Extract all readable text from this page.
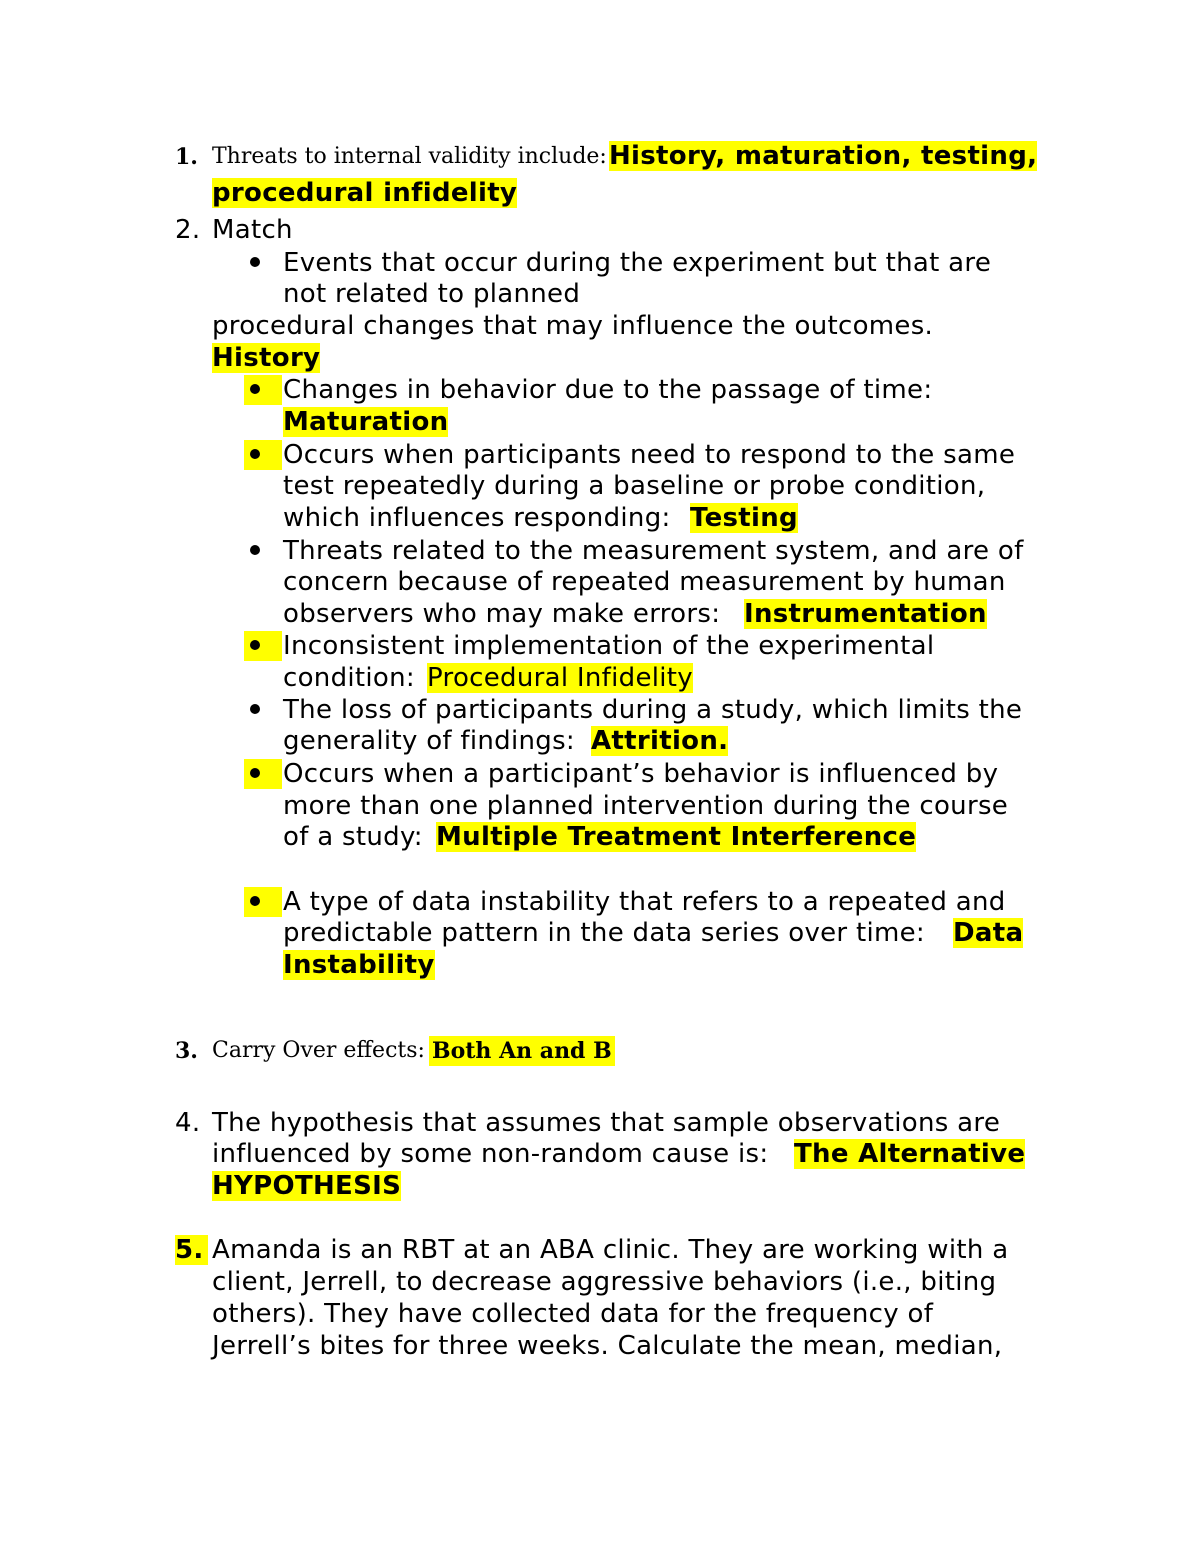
1. Threats to internal validity include: History, maturation, testing,
procedural infidelity
2. Match
Events that occur during the experiment but that are
not related to planned
procedural changes that may influence the outcomes.
History
Changes in behavior due to the passage of time:
Maturation
Occurs when participants need to respond to the same
test repeatedly during a baseline or probe condition,
which influences responding: Testing
Threats related to the measurement system, and are of
concern because of repeated measurement by human
observers who may make errors: Instrumentation
Inconsistent implementation of the experimental
condition: Procedural Infidelity
The loss of participants during a study, which limits the
generality of findings: Attrition.
Occurs when a participant’s behavior is influenced by
more than one planned intervention during the course
of a study: Multiple Treatment Interference
A type of data instability that refers to a repeated and
predictable pattern in the data series over time: Data
Instability
3. Carry Over effects: Both An and B
4. The hypothesis that assumes that sample observations are
influenced by some non-random cause is: The Alternative
HYPOTHESIS
5. Amanda is an RBT at an ABA clinic. They are working with a
client, Jerrell, to decrease aggressive behaviors (i.e., biting
others). They have collected data for the frequency of
Jerrell’s bites for three weeks. Calculate the mean, median,
